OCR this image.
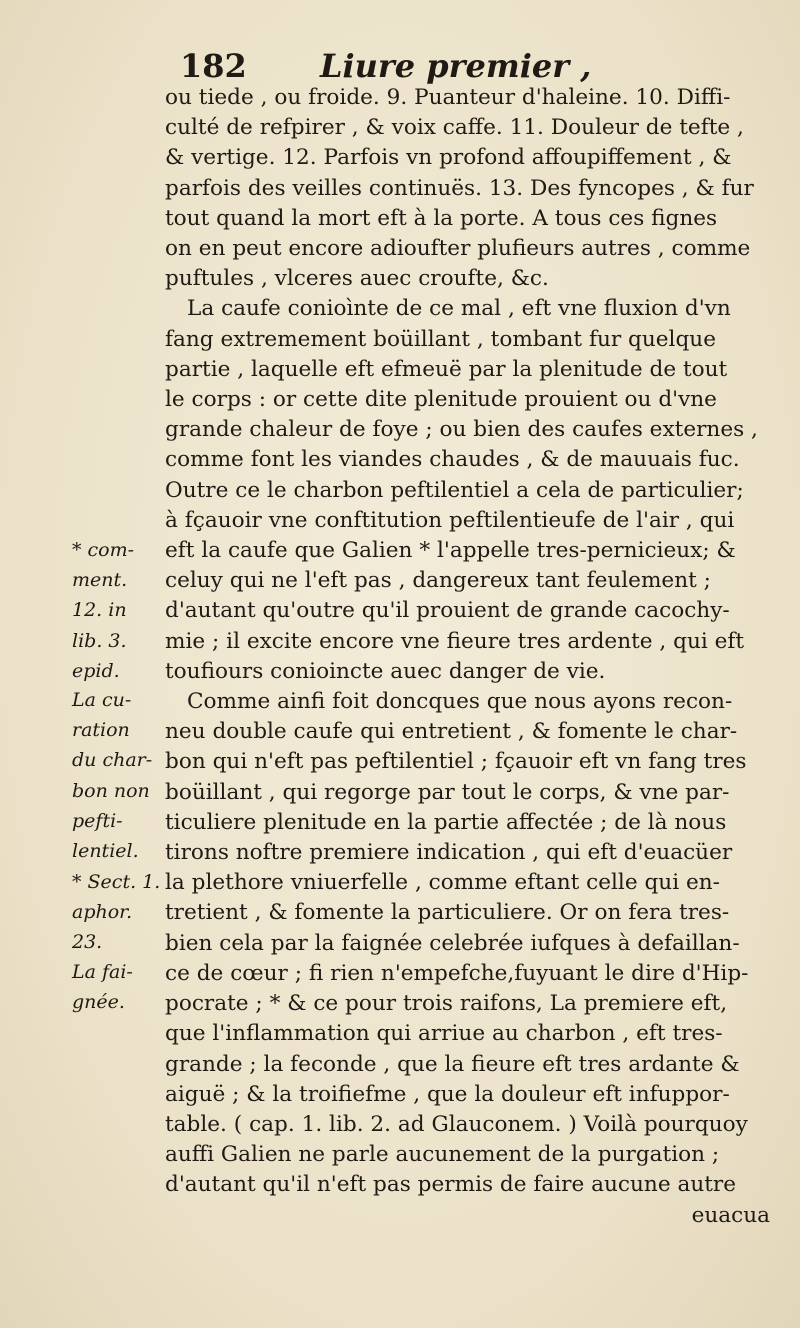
182 Liure premier ,
ou tiede , ou froide. 9. Puanteur d'haleine. 10. Diffi-
culté de refpirer , & voix caffe. 11. Douleur de tefte ,
& vertige. 12. Parfois vn profond affoupiffement , &
parfois des veilles continuës. 13. Des fyncopes , & fur
tout quand la mort eft à la porte. A tous ces fignes
on en peut encore adioufter plufieurs autres , comme
puftules , vlceres auec croufte, &c.
La caufe conioìnte de ce mal , eft vne fluxion d'vn
fang extremement boüillant , tombant fur quelque
partie , laquelle eft efmeuë par la plenitude de tout
le corps : or cette dite plenitude prouient ou d'vne
grande chaleur de foye ; ou bien des caufes externes ,
comme font les viandes chaudes , & de mauuais fuc.
Outre ce le charbon peftilentiel a cela de particulier;
à fçauoir vne conftitution peftilentieufe de l'air , qui
eft la caufe que Galien * l'appelle tres-pernicieux; &
celuy qui ne l'eft pas , dangereux tant feulement ;
d'autant qu'outre qu'il prouient de grande cacochy-
mie ; il excite encore vne fieure tres ardente , qui eft
toufiours conioincte auec danger de vie.
Comme ainfi foit doncques que nous ayons recon-
neu double caufe qui entretient , & fomente le char-
bon qui n'eft pas peftilentiel ; fçauoir eft vn fang tres
boüillant , qui regorge par tout le corps, & vne par-
ticuliere plenitude en la partie affectée ; de là nous
tirons noftre premiere indication , qui eft d'euacüer
la plethore vniuerfelle , comme eftant celle qui en-
tretient , & fomente la particuliere. Or on fera tres-
bien cela par la faignée celebrée iufques à defaillan-
ce de cœur ; fi rien n'empefche,fuyuant le dire d'Hip-
pocrate ; * & ce pour trois raifons, La premiere eft,
que l'inflammation qui arriue au charbon , eft tres-
grande ; la feconde , que la fieure eft tres ardante &
aiguë ; & la troifiefme , que la douleur eft infuppor-
table. ( cap. 1. lib. 2. ad Glauconem. ) Voilà pourquoy
auffi Galien ne parle aucunement de la purgation ;
d'autant qu'il n'eft pas permis de faire aucune autre
euacua
* com-
ment.
12. in
lib. 3.
epid.
La cu-
ration
du char-
bon non
pefti-
lentiel.
* Sect. 1.
aphor.
23.
La fai-
gnée.
